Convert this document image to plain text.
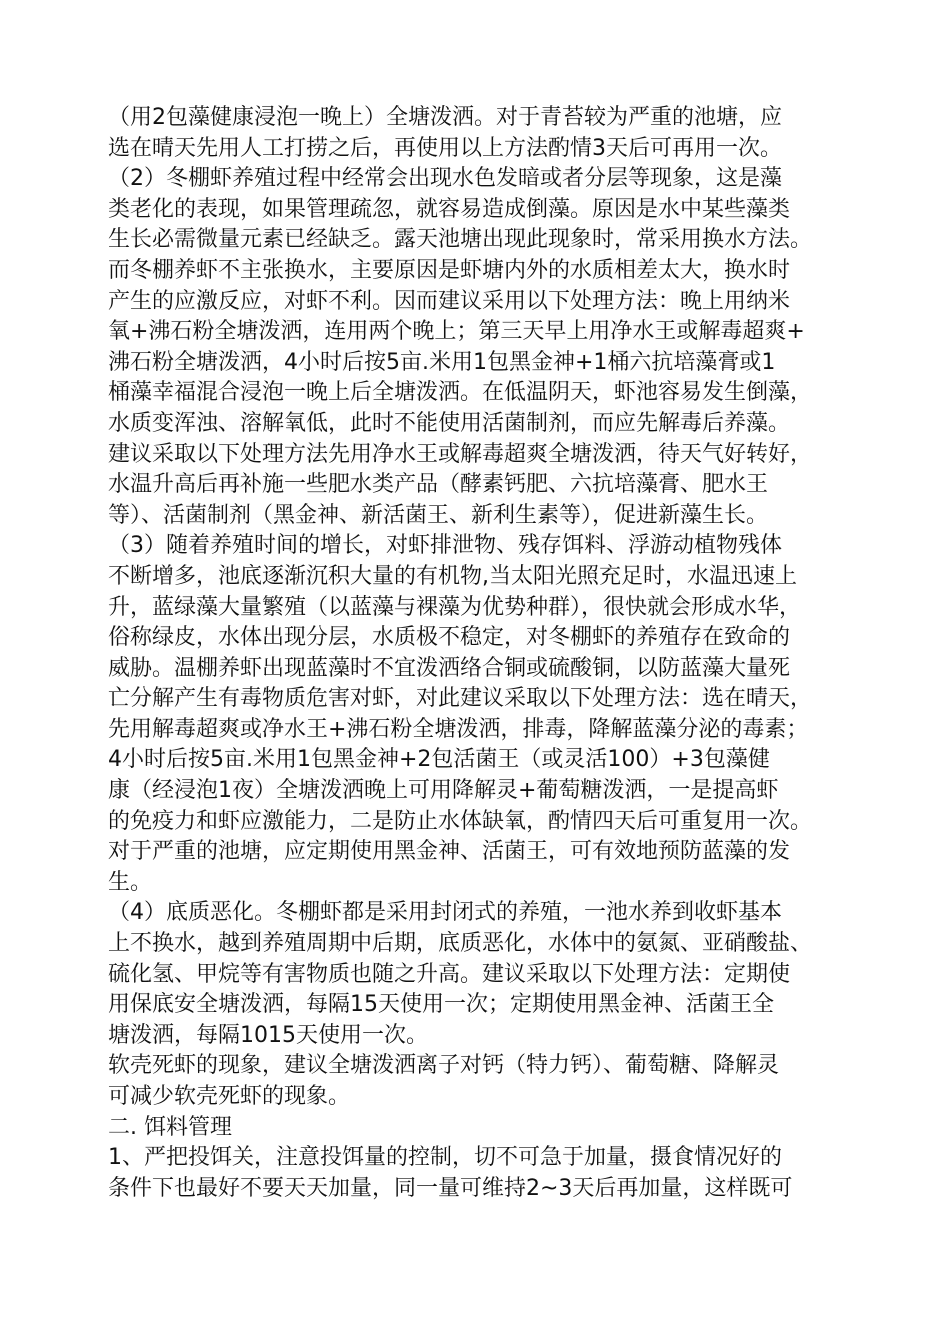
（用2包藻健康浸泡一晚上）全塘泼洒。对于青苔较为严重的池塘，应
选在晴天先用人工打捞之后，再使用以上方法酌情3天后可再用一次。
（2）冬棚虾养殖过程中经常会出现水色发暗或者分层等现象，这是藻
类老化的表现，如果管理疏忽，就容易造成倒藻。原因是水中某些藻类
生长必需微量元素已经缺乏。露天池塘出现此现象时，常采用换水方法。
而冬棚养虾不主张换水，主要原因是虾塘内外的水质相差太大，换水时
产生的应激反应，对虾不利。因而建议采用以下处理方法：晚上用纳米
氧+沸石粉全塘泼洒，连用两个晚上；第三天早上用净水王或解毒超爽+
沸石粉全塘泼洒，4小时后按5亩.米用1包黑金神+1桶六抗培藻膏或1
桶藻幸福混合浸泡一晚上后全塘泼洒。在低温阴天，虾池容易发生倒藻，
水质变浑浊、溶解氧低，此时不能使用活菌制剂，而应先解毒后养藻。
建议采取以下处理方法先用净水王或解毒超爽全塘泼洒，待天气好转好，
水温升高后再补施一些肥水类产品（酵素钙肥、六抗培藻膏、肥水王
等）、活菌制剂（黑金神、新活菌王、新利生素等），促进新藻生长。
（3）随着养殖时间的增长，对虾排泄物、残存饵料、浮游动植物残体
不断增多，池底逐渐沉积大量的有机物,当太阳光照充足时，水温迅速上
升，蓝绿藻大量繁殖（以蓝藻与裸藻为优势种群），很快就会形成水华，
俗称绿皮，水体出现分层，水质极不稳定，对冬棚虾的养殖存在致命的
威胁。温棚养虾出现蓝藻时不宜泼洒络合铜或硫酸铜，以防蓝藻大量死
亡分解产生有毒物质危害对虾，对此建议采取以下处理方法：选在晴天，
先用解毒超爽或净水王+沸石粉全塘泼洒，排毒，降解蓝藻分泌的毒素；
4小时后按5亩.米用1包黑金神+2包活菌王（或灵活100）+3包藻健
康（经浸泡1夜）全塘泼洒晚上可用降解灵+葡萄糖泼洒，一是提高虾
的免疫力和虾应激能力，二是防止水体缺氧，酌情四天后可重复用一次。
对于严重的池塘，应定期使用黑金神、活菌王，可有效地预防蓝藻的发
生。
（4）底质恶化。冬棚虾都是采用封闭式的养殖，一池水养到收虾基本
上不换水，越到养殖周期中后期，底质恶化，水体中的氨氮、亚硝酸盐、
硫化氢、甲烷等有害物质也随之升高。建议采取以下处理方法：定期使
用保底安全塘泼洒，每隔15天使用一次；定期使用黑金神、活菌王全
塘泼洒，每隔1015天使用一次。
软壳死虾的现象，建议全塘泼洒离子对钙（特力钙）、葡萄糖、降解灵
可减少软壳死虾的现象。
二. 饵料管理
1、严把投饵关，注意投饵量的控制，切不可急于加量，摄食情况好的
条件下也最好不要天天加量，同一量可维持2~3天后再加量，这样既可
